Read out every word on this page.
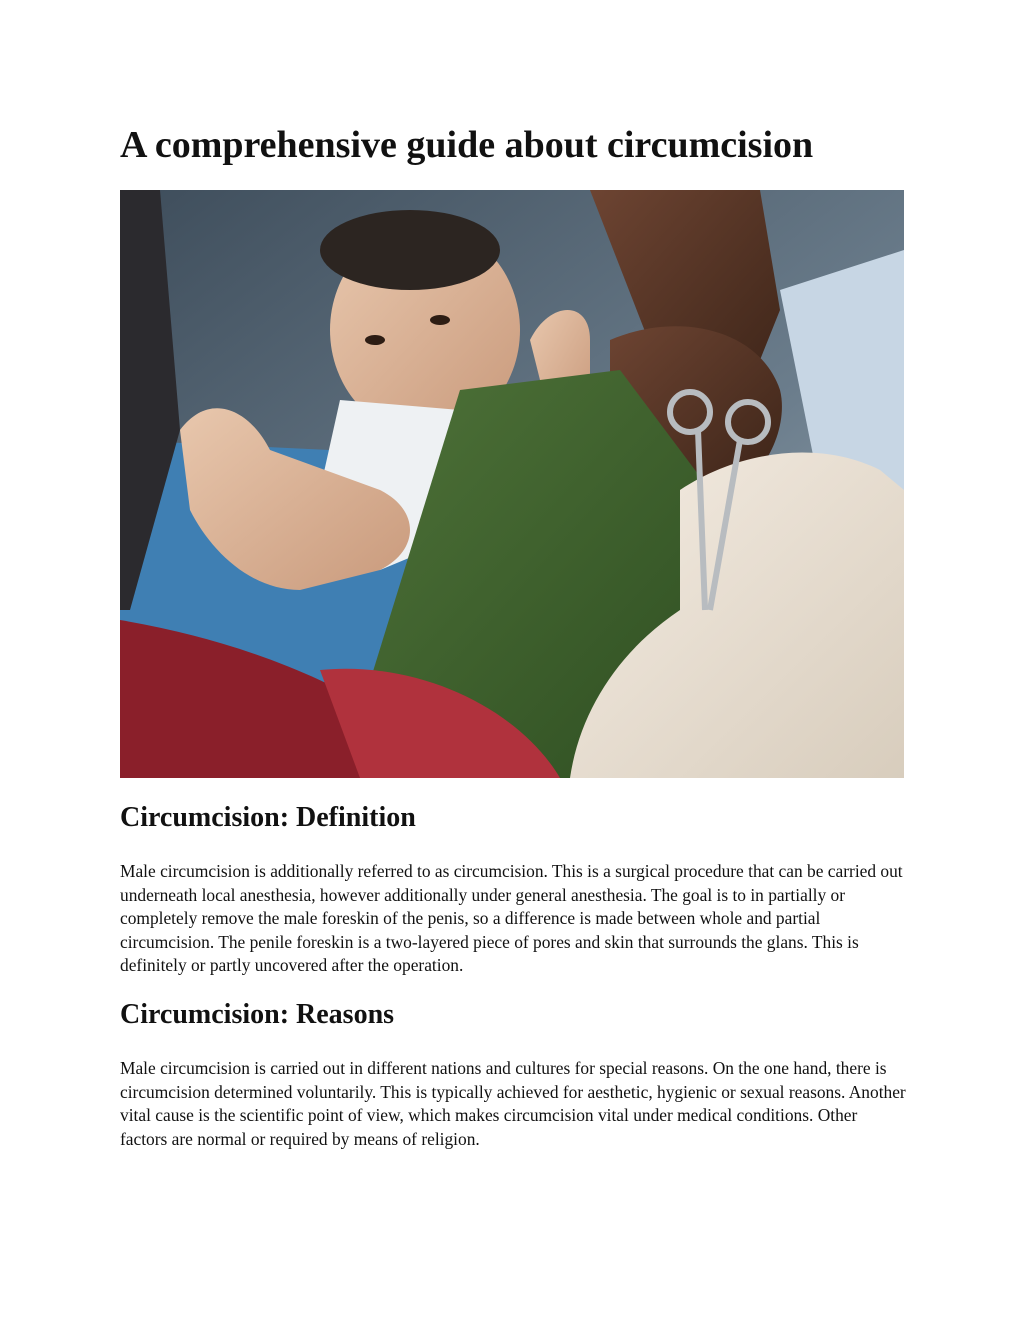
A comprehensive guide about circumcision
Circumcision: Definition

Male circumcision is additionally referred to as circumcision. This is a surgical procedure that can be carried out underneath local anesthesia, however additionally under general anesthesia. The goal is to in partially or completely remove the male foreskin of the penis, so a difference is made between whole and partial circumcision. The penile foreskin is a two-layered piece of pores and skin that surrounds the glans. This is definitely or partly uncovered after the operation.

Circumcision: Reasons

Male circumcision is carried out in different nations and cultures for special reasons. On the one hand, there is circumcision determined voluntarily. This is typically achieved for aesthetic, hygienic or sexual reasons. Another vital cause is the scientific point of view, which makes circumcision vital under medical conditions. Other factors are normal or required by means of religion.
